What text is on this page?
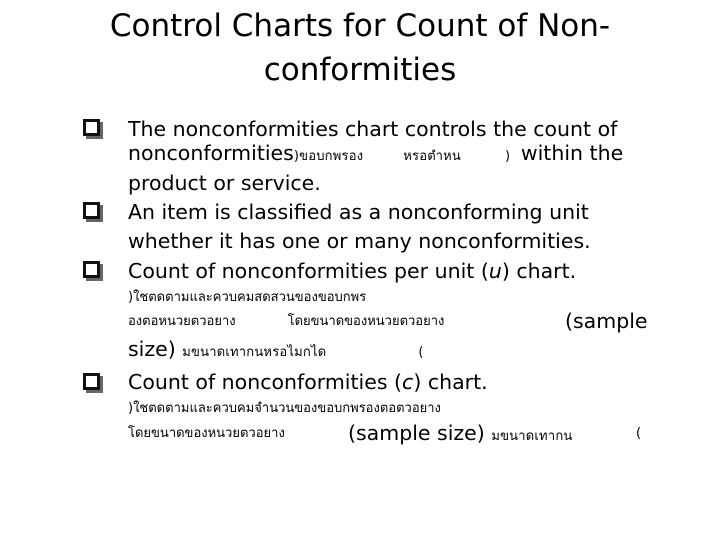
Control Charts for Count of Non-
conformities
The nonconformities chart controls the count of
nonconformities)ขอบกพรอง	หรอตำหน	) within the
product or service.
An item is classified as a nonconforming unit
whether it has one or many nonconformities.
Count of nonconformities per unit (u) chart.
)ใชตดตามและควบคมสดสวนของขอบกพร
องตอหนวยตวอยาง	โดยขนาดของหนวยตวอยาง	(sample
size) มขนาดเทากนหรอไมกได	(
Count of nonconformities (c) chart.
)ใชตดตามและควบคมจำนวนของขอบกพรองตอตวอยาง
โดยขนาดของหนวยตวอยาง	(sample size) มขนาดเทากน	(
